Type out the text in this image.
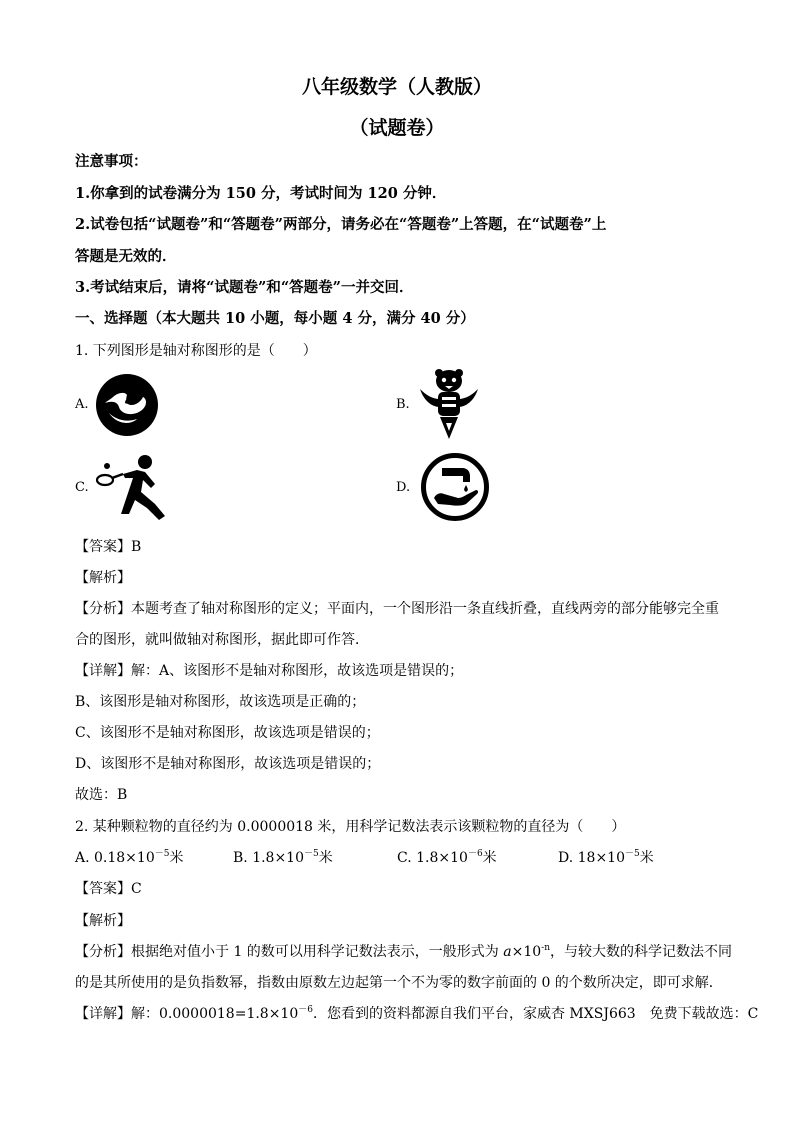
八年级数学（人教版）
（试题卷）
注意事项：
1.你拿到的试卷满分为 150 分，考试时间为 120 分钟．
2.试卷包括“试题卷”和“答题卷”两部分，请务必在“答题卷”上答题，在“试题卷”上
答题是无效的．
3.考试结束后，请将“试题卷”和“答题卷”一并交回．
一、选择题（本大题共 10 小题，每小题 4 分，满分 40 分）
1. 下列图形是轴对称图形的是（　　）
A.	B.
C.	D.
【答案】B
【解析】
【分析】本题考查了轴对称图形的定义；平面内，一个图形沿一条直线折叠，直线两旁的部分能够完全重
合的图形，就叫做轴对称图形，据此即可作答．
【详解】解：A、该图形不是轴对称图形，故该选项是错误的；
B、该图形是轴对称图形，故该选项是正确的；
C、该图形不是轴对称图形，故该选项是错误的；
D、该图形不是轴对称图形，故该选项是错误的；
故选：B
2. 某种颗粒物的直径约为 0.0000018 米，用科学记数法表示该颗粒物的直径为（　　）
A. $0.18\times 10^{-5}$米	B. $1.8\times 10^{-5}$米	C. $1.8\times 10^{-6}$米	D. $18\times 10^{-5}$米
【答案】C
【解析】
【分析】根据绝对值小于 1 的数可以用科学记数法表示，一般形式为 $a\times 10^{-n}$，与较大数的科学记数法不同
的是其所使用的是负指数幂，指数由原数左边起第一个不为零的数字前面的 0 的个数所决定，即可求解．
【详解】解：$0.0000018=1.8\times 10^{-6}$．您看到的资料都源自我们平台，家威杏 MXSJ663　免费下载故选：C
